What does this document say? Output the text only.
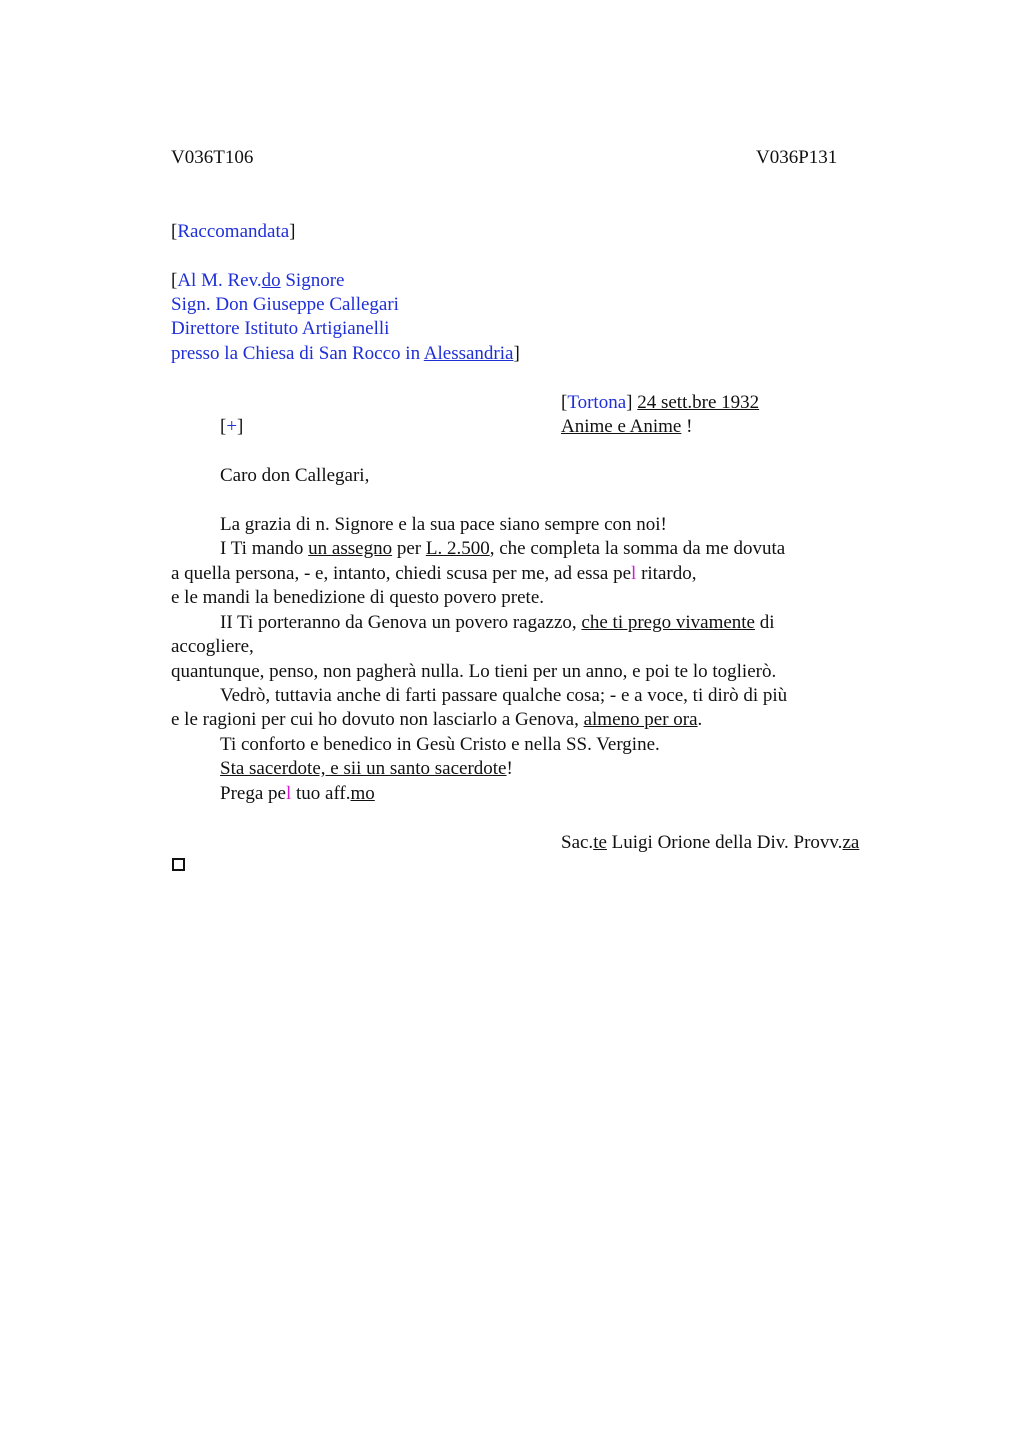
V036T106	V036P131
[Raccomandata]
[Al M. Rev.do Signore
Sign. Don Giuseppe Callegari
Direttore Istituto Artigianelli
presso la Chiesa di San Rocco in Alessandria]
[Tortona] 24 sett.bre 1932
[+]	Anime e Anime !
Caro don Callegari,
La grazia di n. Signore e la sua pace siano sempre con noi!
I Ti mando un assegno per L. 2.500, che completa la somma da me dovuta
a quella persona, - e, intanto, chiedi scusa per me, ad essa pel ritardo,
e le mandi la benedizione di questo povero prete.
II Ti porteranno da Genova un povero ragazzo, che ti prego vivamente di
accogliere,
quantunque, penso, non pagherà nulla. Lo tieni per un anno, e poi te lo toglierò.
Vedrò, tuttavia anche di farti passare qualche cosa; - e a voce, ti dirò di più
e le ragioni per cui ho dovuto non lasciarlo a Genova, almeno per ora.
Ti conforto e benedico in Gesù Cristo e nella SS. Vergine.
Sta sacerdote, e sii un santo sacerdote!
Prega pel tuo aff.mo
Sac.te Luigi Orione della Div. Provv.za
